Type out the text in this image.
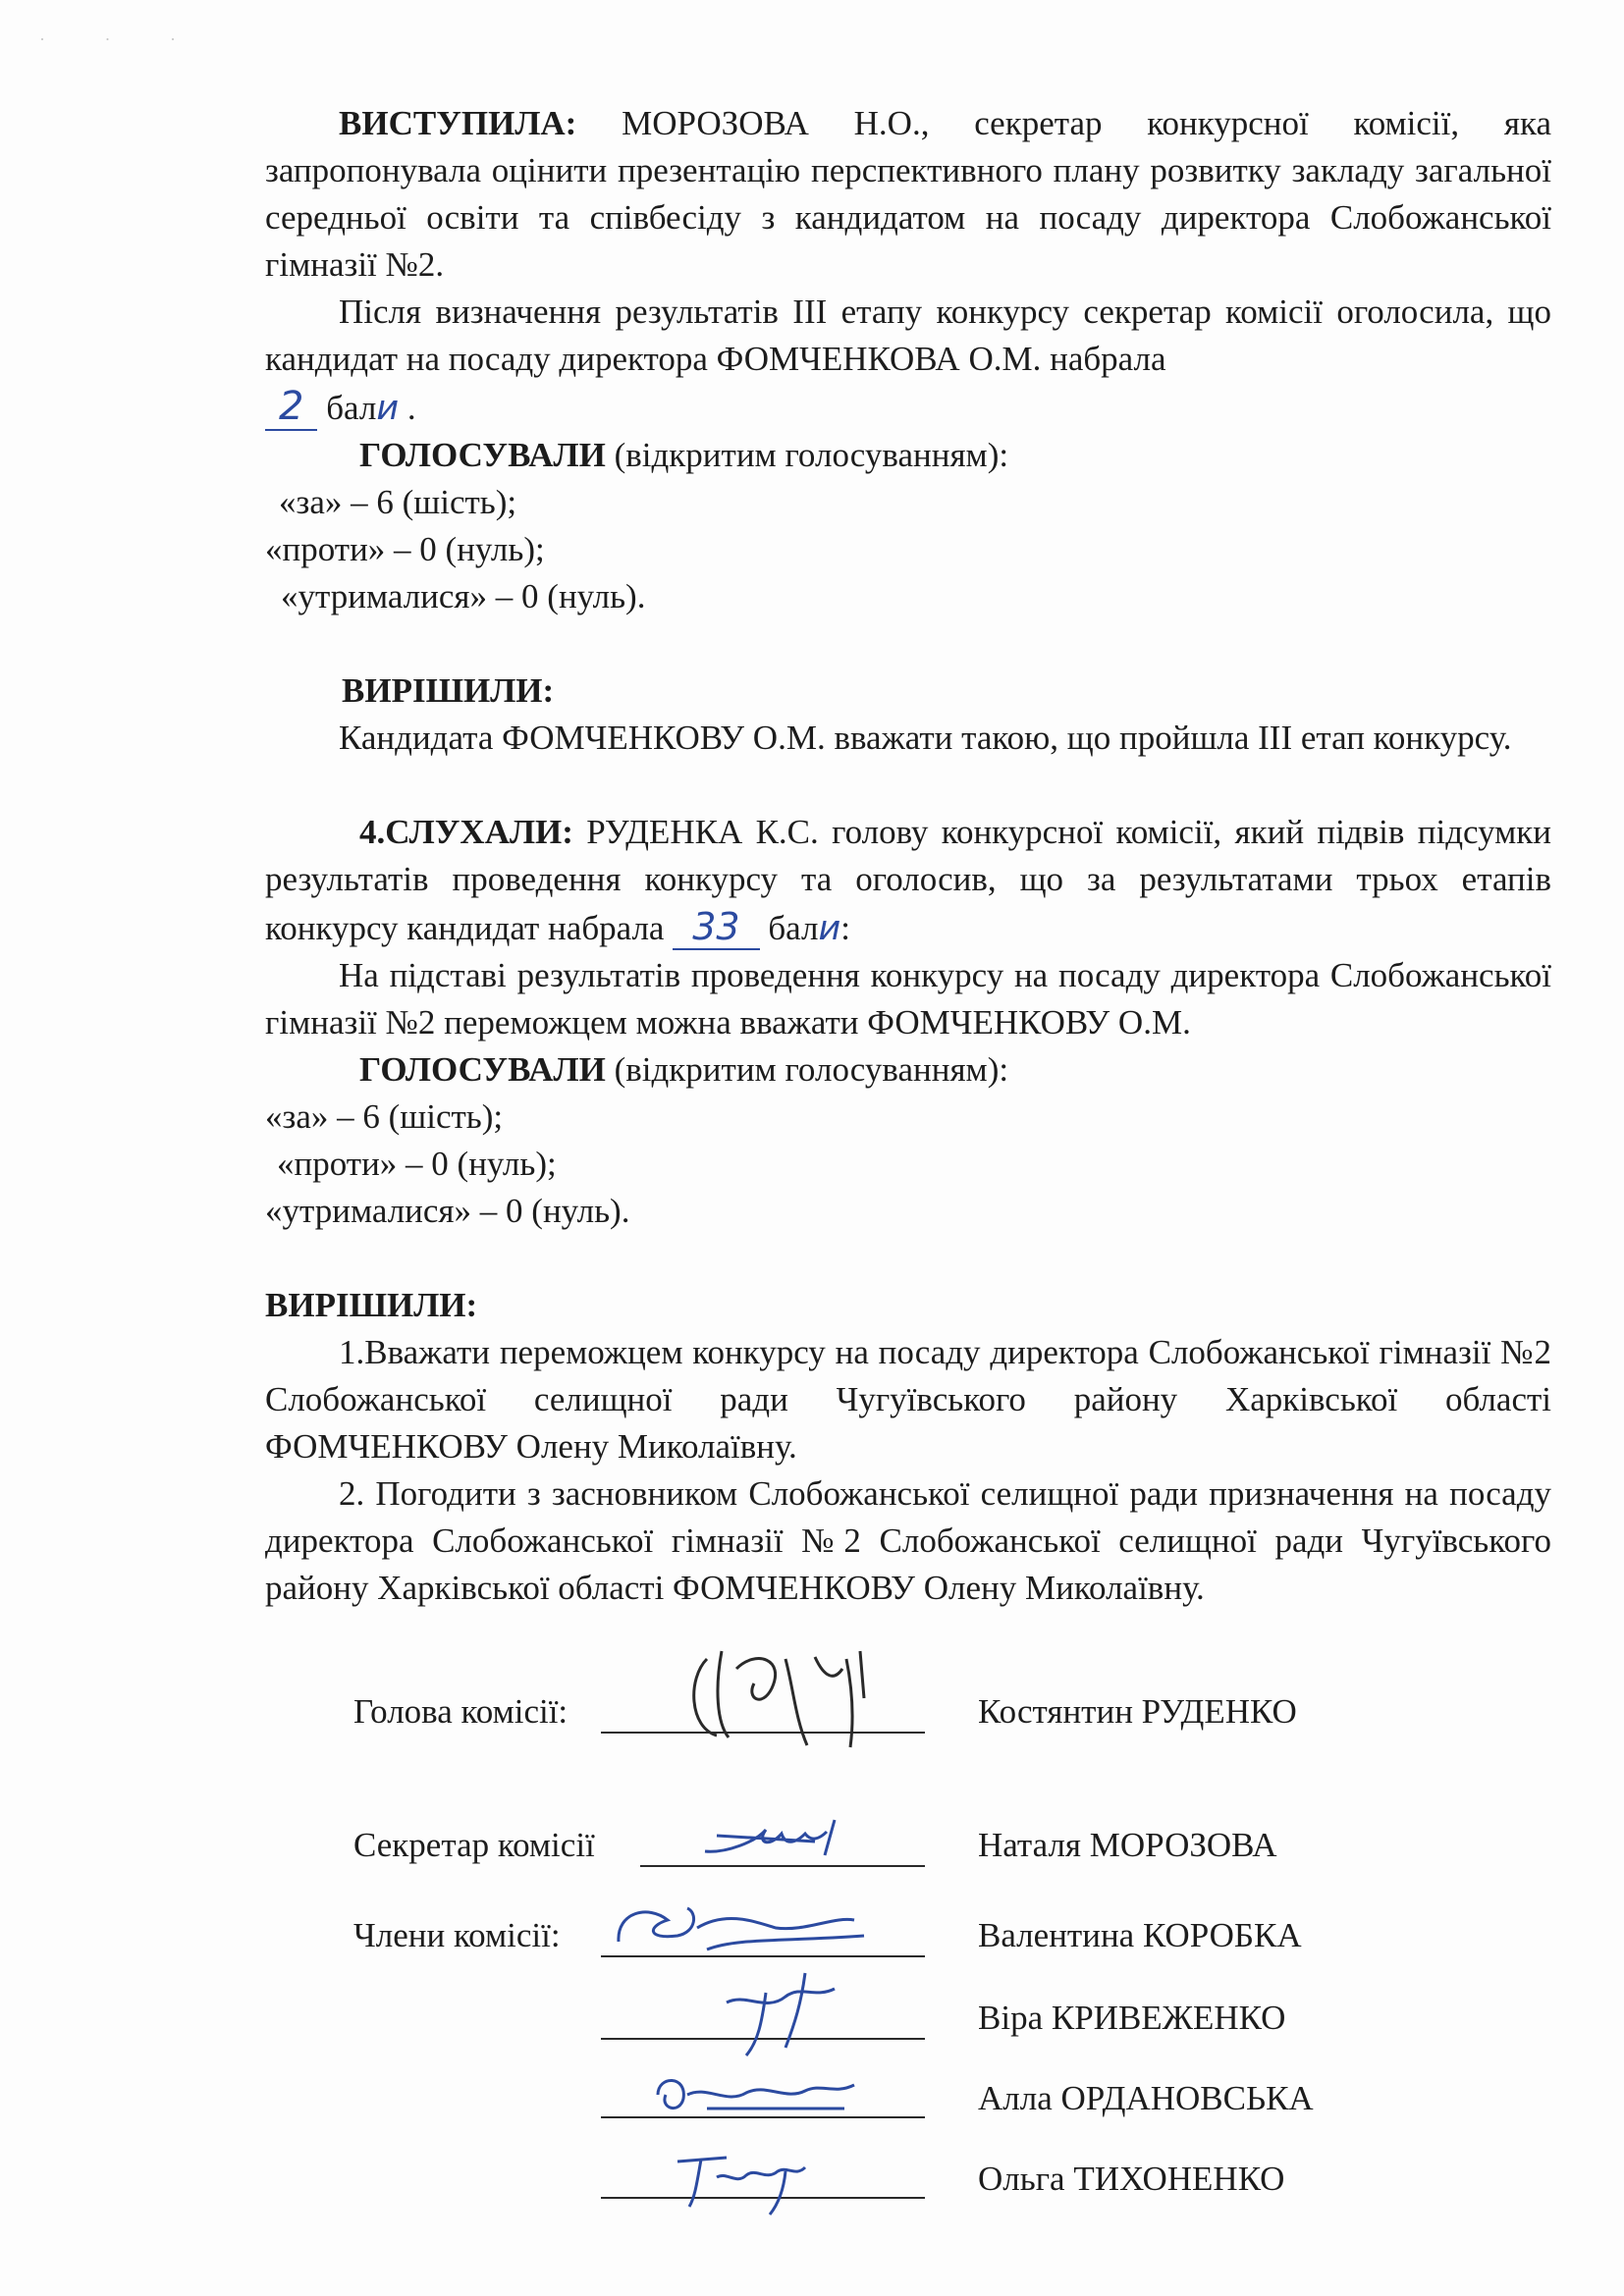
· · ·

ВИСТУПИЛА: МОРОЗОВА Н.О., секретар конкурсної комісії, яка запропонувала оцінити презентацію перспективного плану розвитку закладу загальної середньої освіти та співбесіду з кандидатом на посаду директора Слобожанської гімназії №2.

Після визначення результатів ІІІ етапу конкурсу секретар комісії оголосила, що кандидат на посаду директора ФОМЧЕНКОВА О.М. набрала

2 бали .

ГОЛОСУВАЛИ (відкритим голосуванням):

«за» – 6 (шість);

«проти» – 0 (нуль);

«утрималися» – 0 (нуль).

ВИРІШИЛИ:

Кандидата ФОМЧЕНКОВУ О.М. вважати такою, що пройшла ІІІ етап конкурсу.

4.СЛУХАЛИ: РУДЕНКА К.С. голову конкурсної комісії, який підвів підсумки результатів проведення конкурсу та оголосив, що за результатами трьох етапів конкурсу кандидат набрала 33 бали:

На підставі результатів проведення конкурсу на посаду директора Слобожанської гімназії №2 переможцем можна вважати ФОМЧЕНКОВУ О.М.

ГОЛОСУВАЛИ (відкритим голосуванням):

«за» – 6 (шість);

«проти» – 0 (нуль);

«утрималися» – 0 (нуль).

ВИРІШИЛИ:

1.Вважати переможцем конкурсу на посаду директора Слобожанської гімназії №2 Слобожанської селищної ради Чугуївського району Харківської області ФОМЧЕНКОВУ Олену Миколаївну.

2. Погодити з засновником Слобожанської селищної ради призначення на посаду директора Слобожанської гімназії №2 Слобожанської селищної ради Чугуївського району Харківської області ФОМЧЕНКОВУ Олену Миколаївну.

Голова комісії:	Костянтин РУДЕНКО
Секретар комісії	Наталя МОРОЗОВА
Члени комісії:	Валентина КОРОБКА
Віра КРИВЕЖЕНКО
Алла ОРДАНОВСЬКА
Ольга ТИХОНЕНКО
